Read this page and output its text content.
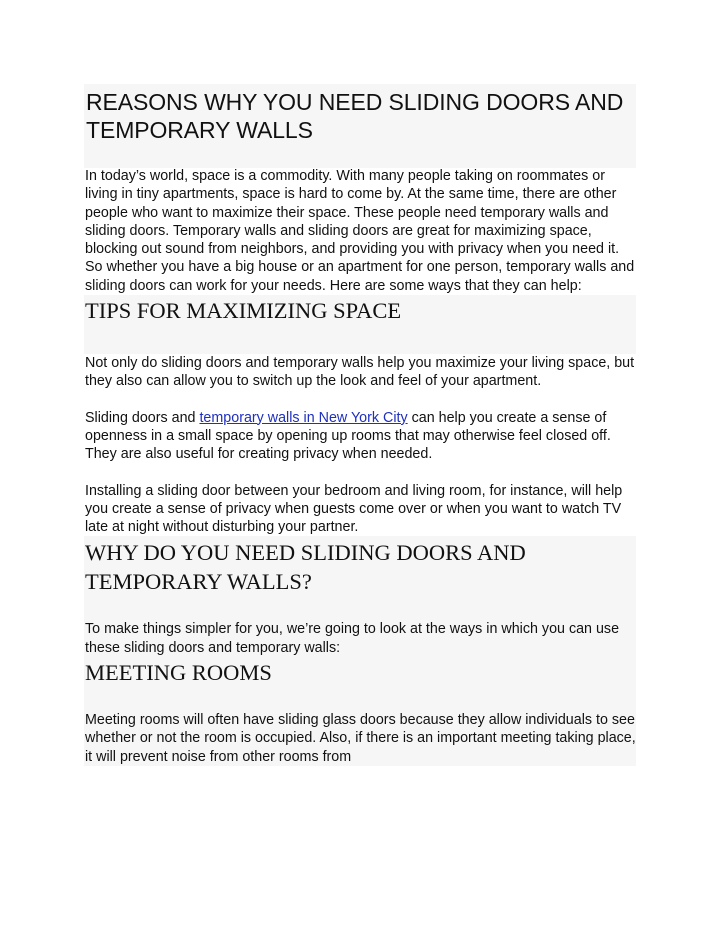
REASONS WHY YOU NEED SLIDING DOORS AND TEMPORARY WALLS

In today’s world, space is a commodity. With many people taking on roommates or living in tiny apartments, space is hard to come by. At the same time, there are other people who want to maximize their space. These people need temporary walls and sliding doors. Temporary walls and sliding doors are great for maximizing space, blocking out sound from neighbors, and providing you with privacy when you need it.

So whether you have a big house or an apartment for one person, temporary walls and sliding doors can work for your needs. Here are some ways that they can help:

TIPS FOR MAXIMIZING SPACE

Not only do sliding doors and temporary walls help you maximize your living space, but they also can allow you to switch up the look and feel of your apartment.

Sliding doors and temporary walls in New York City can help you create a sense of openness in a small space by opening up rooms that may otherwise feel closed off. They are also useful for creating privacy when needed.

Installing a sliding door between your bedroom and living room, for instance, will help you create a sense of privacy when guests come over or when you want to watch TV late at night without disturbing your partner.

WHY DO YOU NEED SLIDING DOORS AND TEMPORARY WALLS?

To make things simpler for you, we’re going to look at the ways in which you can use these sliding doors and temporary walls:

MEETING ROOMS

Meeting rooms will often have sliding glass doors because they allow individuals to see whether or not the room is occupied. Also, if there is an important meeting taking place, it will prevent noise from other rooms from
